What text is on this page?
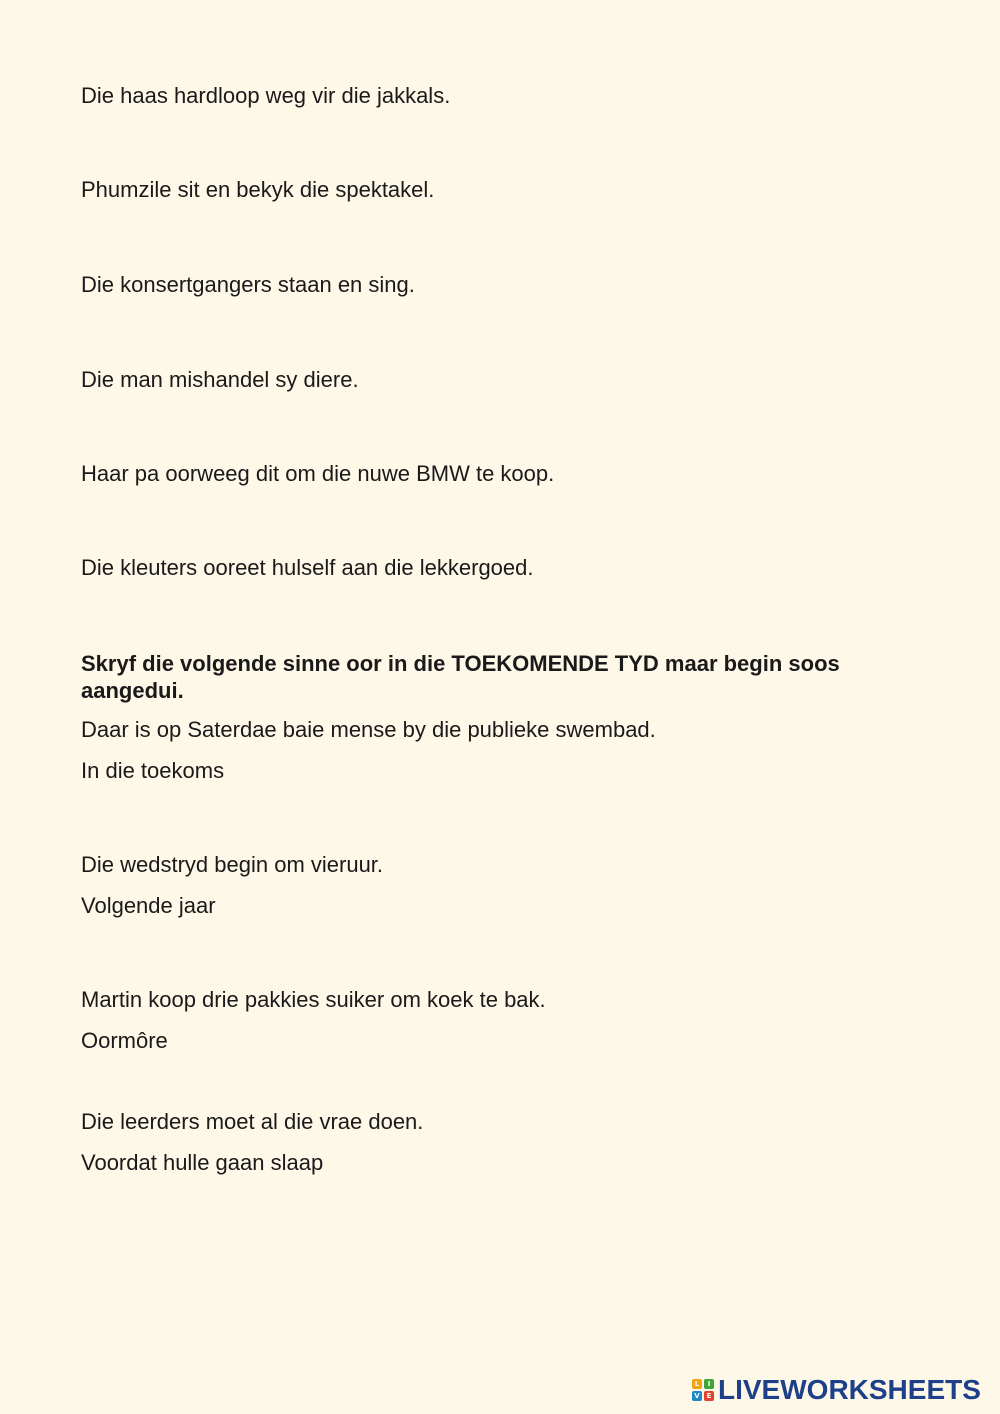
Die haas hardloop weg vir die jakkals.
Phumzile sit en bekyk die spektakel.
Die konsertgangers staan en sing.
Die man mishandel sy diere.
Haar pa oorweeg dit om die nuwe BMW te koop.
Die kleuters ooreet hulself aan die lekkergoed.
Skryf die volgende sinne oor in die TOEKOMENDE TYD maar begin soos aangedui.
Daar is op Saterdae baie mense by die publieke swembad.
In die toekoms
Die wedstryd begin om vieruur.
Volgende jaar
Martin koop drie pakkies suiker om koek te bak.
Oormôre
Die leerders moet al die vrae doen.
Voordat hulle gaan slaap
L	I
V E LIVEWORKSHEETS
